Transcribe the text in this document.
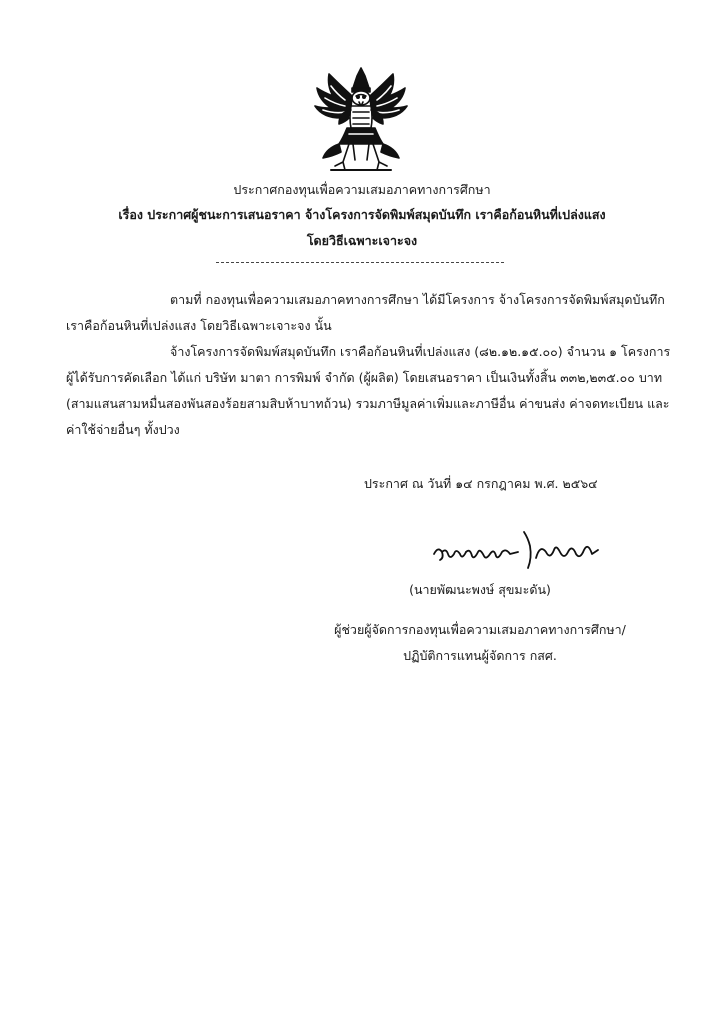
ประกาศกองทุนเพื่อความเสมอภาคทางการศึกษา
เรื่อง ประกาศผู้ชนะการเสนอราคา จ้างโครงการจัดพิมพ์สมุดบันทึก เราคือก้อนหินที่เปล่งแสง
โดยวิธีเฉพาะเจาะจง
ตามที่ กองทุนเพื่อความเสมอภาคทางการศึกษา ได้มีโครงการ จ้างโครงการจัดพิมพ์สมุดบันทึก
เราคือก้อนหินที่เปล่งแสง โดยวิธีเฉพาะเจาะจง นั้น
จ้างโครงการจัดพิมพ์สมุดบันทึก เราคือก้อนหินที่เปล่งแสง (๘๒.๑๒.๑๕.๐๐) จำนวน ๑ โครงการ
ผู้ได้รับการคัดเลือก ได้แก่ บริษัท มาตา การพิมพ์ จำกัด (ผู้ผลิต) โดยเสนอราคา เป็นเงินทั้งสิ้น ๓๓๒,๒๓๕.๐๐ บาท
(สามแสนสามหมื่นสองพันสองร้อยสามสิบห้าบาทถ้วน) รวมภาษีมูลค่าเพิ่มและภาษีอื่น ค่าขนส่ง ค่าจดทะเบียน และ
ค่าใช้จ่ายอื่นๆ ทั้งปวง
ประกาศ ณ วันที่ ๑๔ กรกฎาคม พ.ศ. ๒๕๖๔
(นายพัฒนะพงษ์ สุขมะดัน)
ผู้ช่วยผู้จัดการกองทุนเพื่อความเสมอภาคทางการศึกษา/
ปฏิบัติการแทนผู้จัดการ กสศ.
